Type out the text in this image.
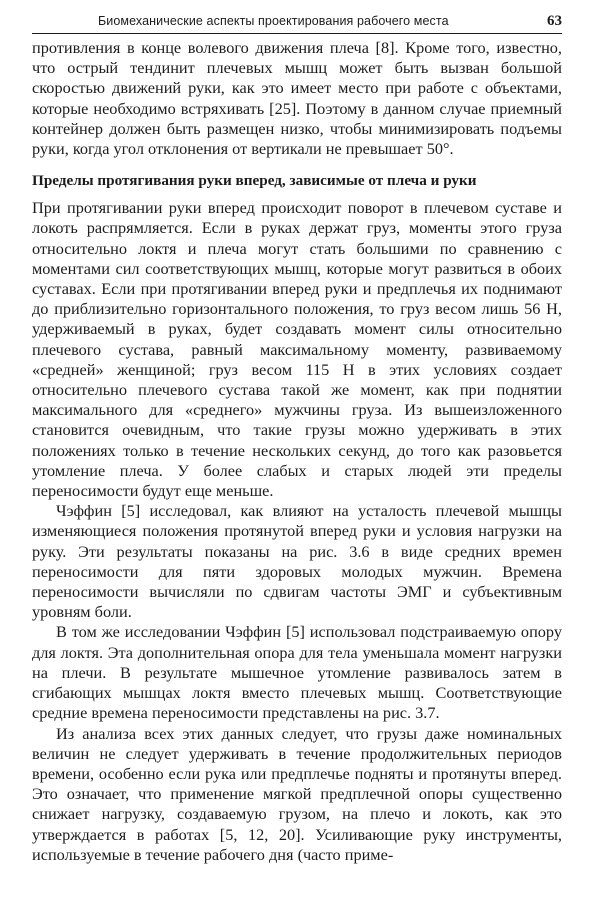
Биомеханические аспекты проектирования рабочего места	63

противления в конце волевого движения плеча [8]. Кроме того, известно, что острый тендинит плечевых мышц может быть вызван большой скоростью движений руки, как это имеет место при работе с объектами, которые необходимо встряхивать [25]. Поэтому в данном случае приемный контейнер должен быть размещен низко, чтобы минимизировать подъемы руки, когда угол отклонения от вертикали не превышает 50°.

Пределы протягивания руки вперед, зависимые от плеча и руки

При протягивании руки вперед происходит поворот в плечевом суставе и локоть распрямляется. Если в руках держат груз, моменты этого груза относительно локтя и плеча могут стать большими по сравнению с моментами сил соответствующих мышц, которые могут развиться в обоих суставах. Если при протягивании вперед руки и предплечья их поднимают до приблизительно горизонтального положения, то груз весом лишь 56 Н, удерживаемый в руках, будет создавать момент силы относительно плечевого сустава, равный максимальному моменту, развиваемому «средней» женщиной; груз весом 115 Н в этих условиях создает относительно плечевого сустава такой же момент, как при поднятии максимального для «среднего» мужчины груза. Из вышеизложенного становится очевидным, что такие грузы можно удерживать в этих положениях только в течение нескольких секунд, до того как разовьется утомление плеча. У более слабых и старых людей эти пределы переносимости будут еще меньше.

Чэффин [5] исследовал, как влияют на усталость плечевой мышцы изменяющиеся положения протянутой вперед руки и условия нагрузки на руку. Эти результаты показаны на рис. 3.6 в виде средних времен переносимости для пяти здоровых молодых мужчин. Времена переносимости вычисляли по сдвигам частоты ЭМГ и субъективным уровням боли.

В том же исследовании Чэффин [5] использовал подстраиваемую опору для локтя. Эта дополнительная опора для тела уменьшала момент нагрузки на плечи. В результате мышечное утомление развивалось затем в сгибающих мышцах локтя вместо плечевых мышц. Соответствующие средние времена переносимости представлены на рис. 3.7.

Из анализа всех этих данных следует, что грузы даже номинальных величин не следует удерживать в течение продолжительных периодов времени, особенно если рука или предплечье подняты и протянуты вперед. Это означает, что применение мягкой предплечной опоры существенно снижает нагрузку, создаваемую грузом, на плечо и локоть, как это утверждается в работах [5, 12, 20]. Усиливающие руку инструменты, используемые в течение рабочего дня (часто приме-
